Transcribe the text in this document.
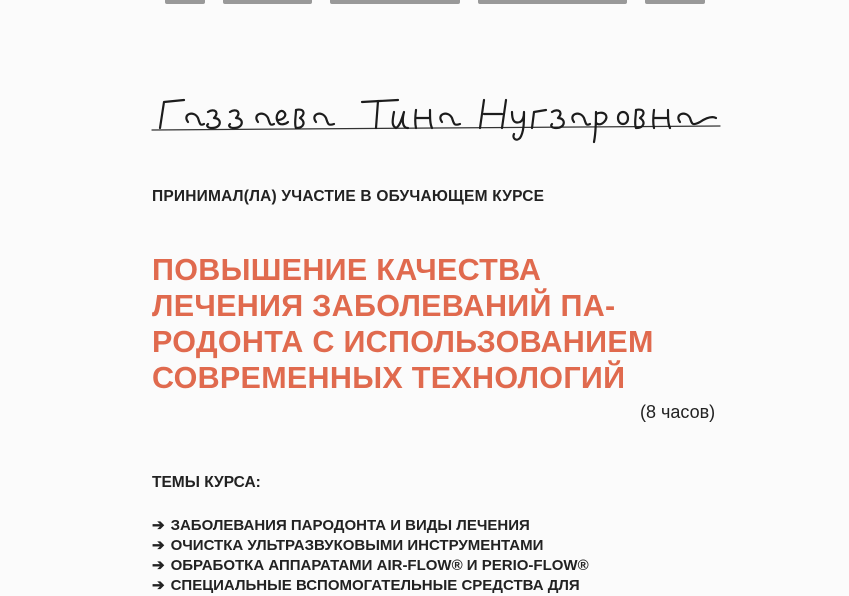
ПРИНИМАЛ(ЛА) УЧАСТИЕ В ОБУЧАЮЩЕМ КУРСЕ
ПОВЫШЕНИЕ КАЧЕСТВА
ЛЕЧЕНИЯ ЗАБОЛЕВАНИЙ ПА-
РОДОНТА С ИСПОЛЬЗОВАНИЕМ
СОВРЕМЕННЫХ ТЕХНОЛОГИЙ
(8 часов)
ТЕМЫ КУРСА:
➔ ЗАБОЛЕВАНИЯ ПАРОДОНТА И ВИДЫ ЛЕЧЕНИЯ
➔ ОЧИСТКА УЛЬТРАЗВУКОВЫМИ ИНСТРУМЕНТАМИ
➔ ОБРАБОТКА АППАРАТАМИ AIR-FLOW® И PERIO-FLOW®
➔ СПЕЦИАЛЬНЫЕ ВСПОМОГАТЕЛЬНЫЕ СРЕДСТВА ДЛЯ
